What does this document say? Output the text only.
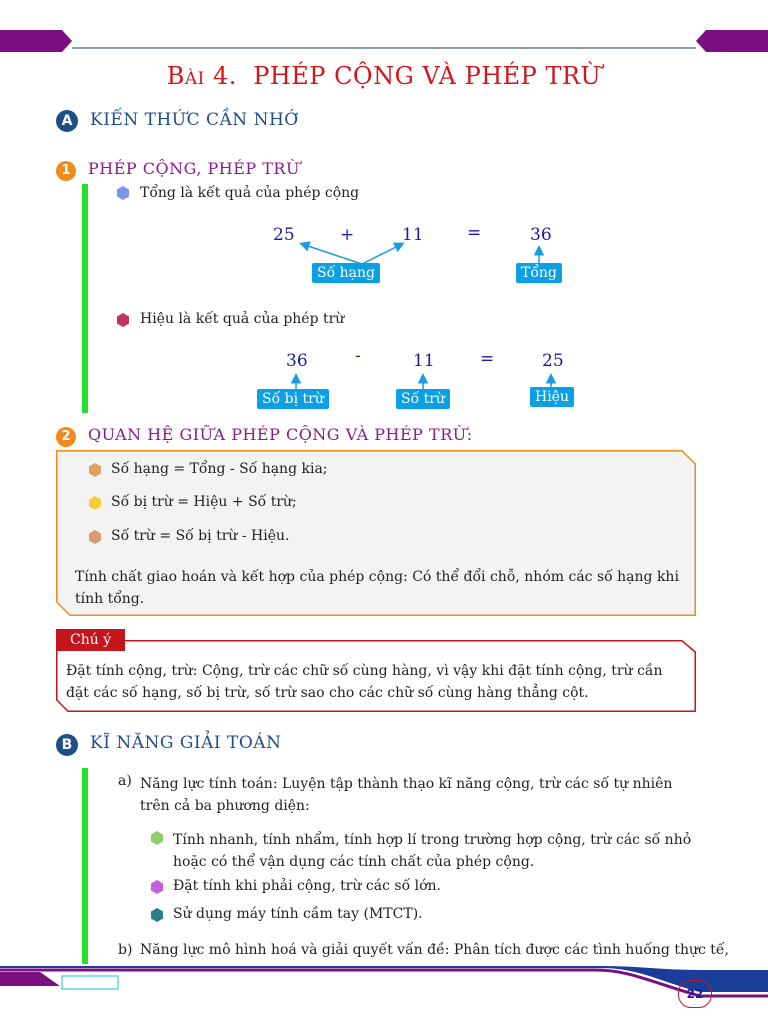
Bài 4. PHÉP CỘNG VÀ PHÉP TRỪ
A	KIẾN THỨC CẦN NHỚ
1	PHÉP CỘNG, PHÉP TRỪ
Tổng là kết quả của phép cộng
25	+	11	=	36
Số hạng	Tổng
Hiệu là kết quả của phép trừ
36	-	11	=	25
Số bị trừ	Số trừ	Hiệu
2	QUAN HỆ GIỮA PHÉP CỘNG VÀ PHÉP TRỪ:
Số hạng = Tổng - Số hạng kia;
Số bị trừ = Hiệu + Số trừ;
Số trừ = Số bị trừ - Hiệu.
Tính chất giao hoán và kết hợp của phép cộng: Có thể đổi chỗ, nhóm các số hạng khi tính tổng.
Chú ý
Đặt tính cộng, trừ: Cộng, trừ các chữ số cùng hàng, vì vậy khi đặt tính cộng, trừ cần đặt các số hạng, số bị trừ, số trừ sao cho các chữ số cùng hàng thẳng cột.
B	KĨ NĂNG GIẢI TOÁN
a) Năng lực tính toán: Luyện tập thành thạo kĩ năng cộng, trừ các số tự nhiên trên cả ba phương diện:
Tính nhanh, tính nhẩm, tính hợp lí trong trường hợp cộng, trừ các số nhỏ hoặc có thể vận dụng các tính chất của phép cộng.
Đặt tính khi phải cộng, trừ các số lớn.
Sử dụng máy tính cầm tay (MTCT).
b) Năng lực mô hình hoá và giải quyết vấn đề: Phân tích được các tình huống thực tế,
22
